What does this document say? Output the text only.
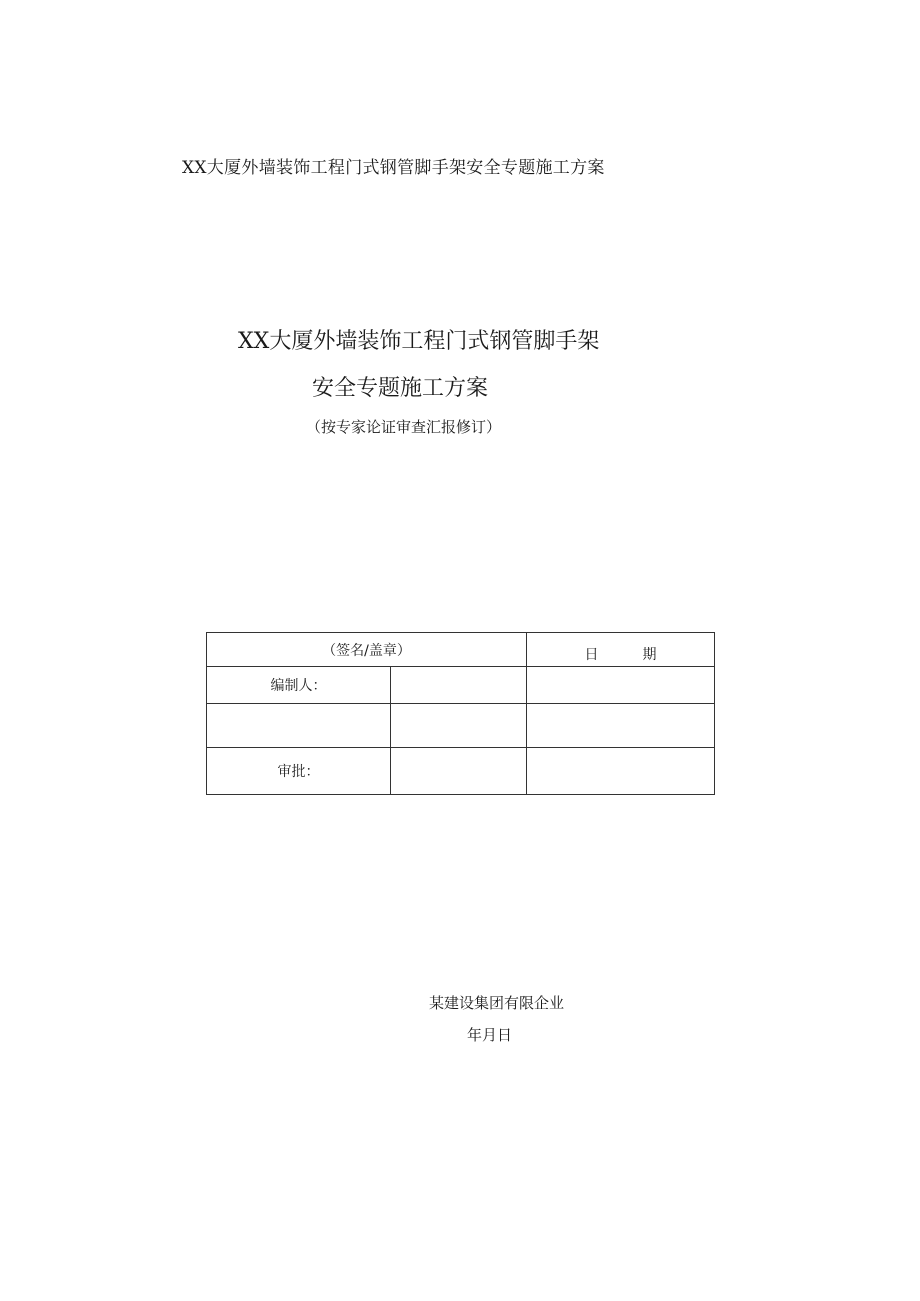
XX大厦外墙装饰工程门式钢管脚手架安全专题施工方案
XX大厦外墙装饰工程门式钢管脚手架
安全专题施工方案
（按专家论证审查汇报修订）
（签名/盖章）		日 期
编制人：		

审批：		
某建设集团有限企业
年月日
